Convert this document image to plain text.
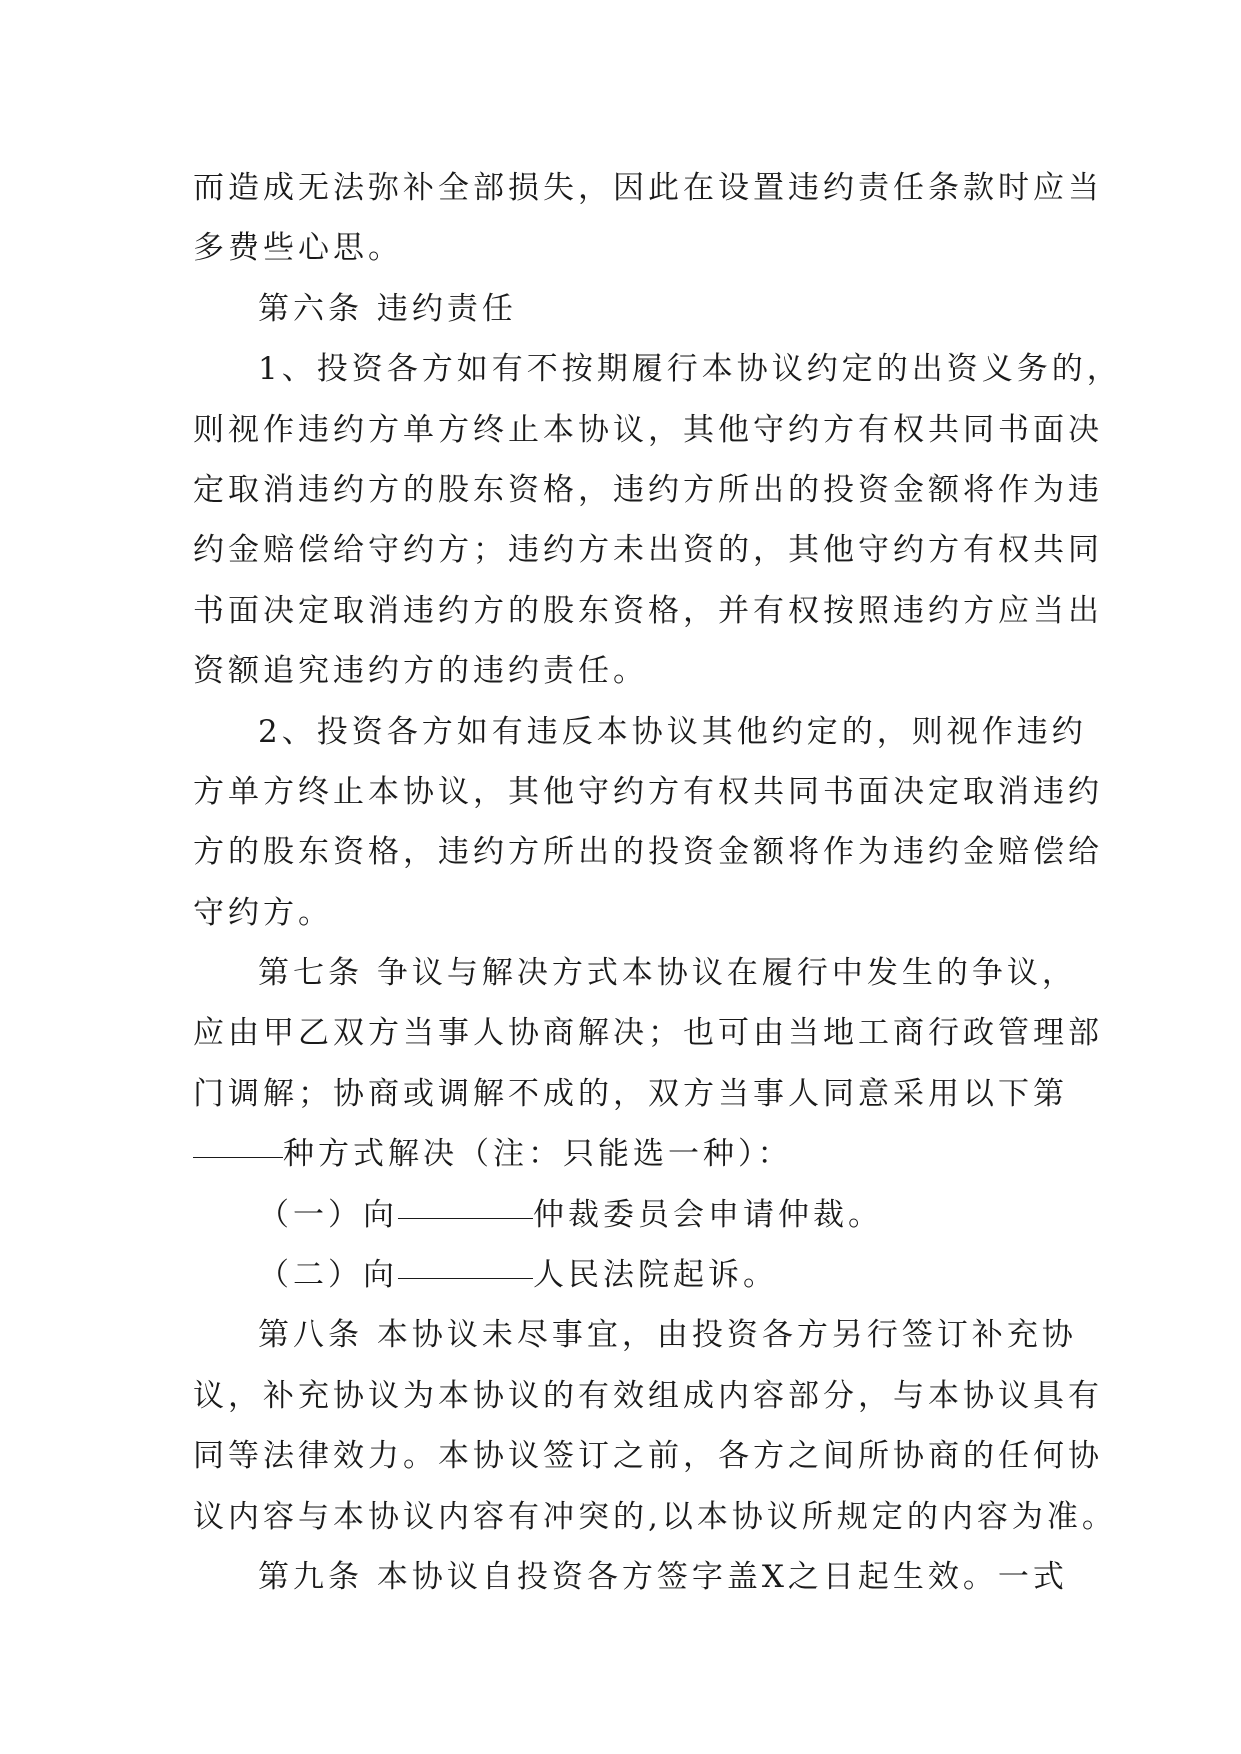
而造成无法弥补全部损失，因此在设置违约责任条款时应当
多费些心思。
第六条 违约责任
1、投资各方如有不按期履行本协议约定的出资义务的，
则视作违约方单方终止本协议，其他守约方有权共同书面决
定取消违约方的股东资格，违约方所出的投资金额将作为违
约金赔偿给守约方；违约方未出资的，其他守约方有权共同
书面决定取消违约方的股东资格，并有权按照违约方应当出
资额追究违约方的违约责任。
2、投资各方如有违反本协议其他约定的，则视作违约
方单方终止本协议，其他守约方有权共同书面决定取消违约
方的股东资格，违约方所出的投资金额将作为违约金赔偿给
守约方。
第七条 争议与解决方式本协议在履行中发生的争议，
应由甲乙双方当事人协商解决；也可由当地工商行政管理部
门调解；协商或调解不成的，双方当事人同意采用以下第
种方式解决（注：只能选一种）：
（一）向	仲裁委员会申请仲裁。
（二）向	人民法院起诉。
第八条 本协议未尽事宜，由投资各方另行签订补充协
议，补充协议为本协议的有效组成内容部分，与本协议具有
同等法律效力。本协议签订之前，各方之间所协商的任何协
议内容与本协议内容有冲突的,以本协议所规定的内容为准。
第九条 本协议自投资各方签字盖X之日起生效。一式
